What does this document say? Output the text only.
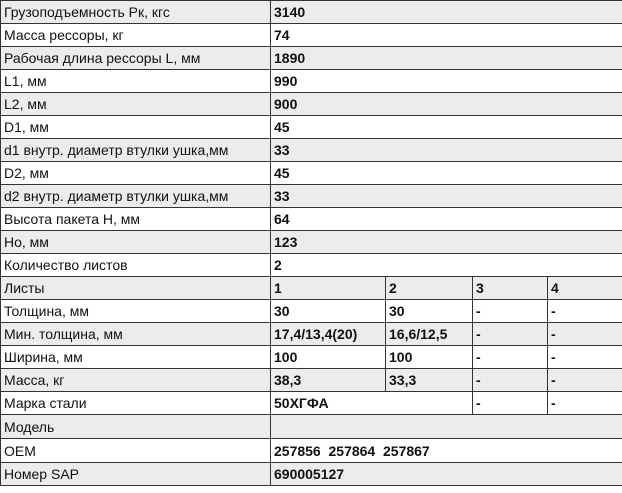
Грузоподъемность Рк, кгс	3140			
Масса рессоры, кг	74			
Рабочая длина рессоры L, мм	1890			
L1, мм	990			
L2, мм	900			
D1, мм	45			
d1 внутр. диаметр втулки ушка,мм	33			
D2, мм	45			
d2 внутр. диаметр втулки ушка,мм	33			
Высота пакета H, мм	64			
Ho, мм	123			
Количество листов	2			
Листы	1	2	3	4
Толщина, мм	30	30	-	-
Мин. толщина, мм	17,4/13,4(20)	16,6/12,5	-	-
Ширина, мм	100	100	-	-
Масса, кг	38,3	33,3	-	-
Марка стали	50ХГФА		-	-
Модель				
OEM	257856  257864  257867			
Номер SAP	690005127			
